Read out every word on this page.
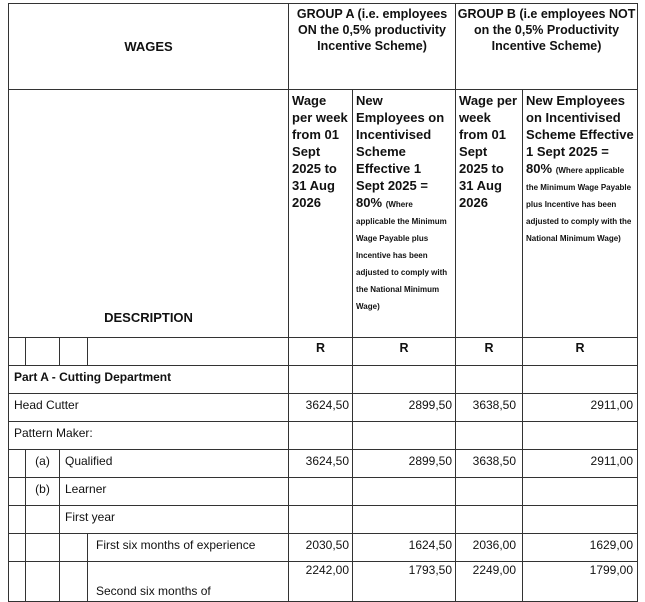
WAGES				GROUP A (i.e. employees ON the 0,5% productivity Incentive Scheme)		GROUP B (i.e employees NOT on the 0,5% Productivity Incentive Scheme)	
DESCRIPTION				Wage per week from 01 Sept 2025 to 31 Aug 2026	New Employees on Incentivised Scheme Effective 1 Sept 2025 = 80% (Where applicable the Minimum Wage Payable plus Incentive has been adjusted to comply with the National Minimum Wage)	Wage per week from 01 Sept 2025 to 31 Aug 2026	New Employees on Incentivised Scheme Effective 1 Sept 2025 = 80% (Where applicable the Minimum Wage Payable plus Incentive has been adjusted to comply with the National Minimum Wage)
				R	R	R	R
Part A - Cutting Department							
Head Cutter				3624,50	2899,50	3638,50	2911,00
Pattern Maker:							
	(a)	Qualified		3624,50	2899,50	3638,50	2911,00
	(b)	Learner					
		First year					
			First six months of experience	2030,50	1624,50	2036,00	1629,00
			Second six months of	2242,00	1793,50	2249,00	1799,00
